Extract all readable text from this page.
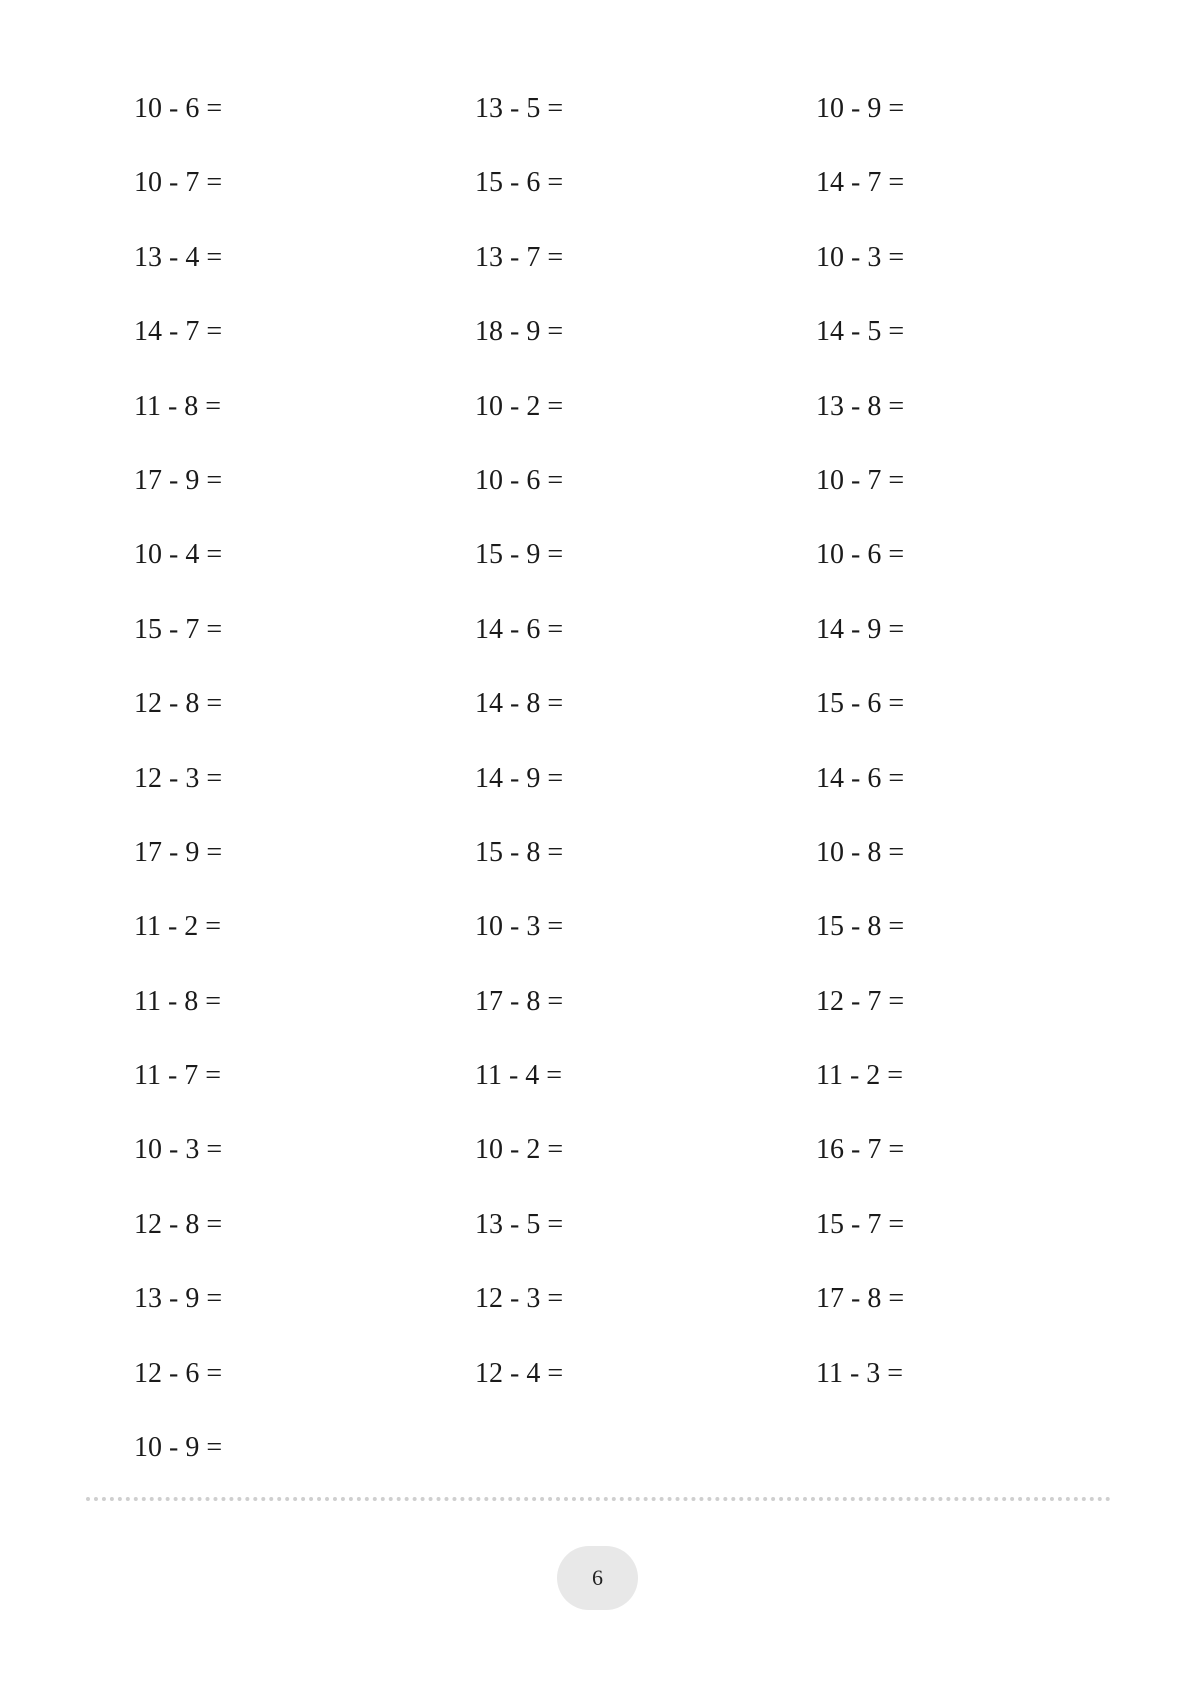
10 - 6 =
10 - 7 =
13 - 4 =
14 - 7 =
11 - 8 =
17 - 9 =
10 - 4 =
15 - 7 =
12 - 8 =
12 - 3 =
17 - 9 =
11 - 2 =
11 - 8 =
11 - 7 =
10 - 3 =
12 - 8 =
13 - 9 =
12 - 6 =
10 - 9 =
13 - 5 =
15 - 6 =
13 - 7 =
18 - 9 =
10 - 2 =
10 - 6 =
15 - 9 =
14 - 6 =
14 - 8 =
14 - 9 =
15 - 8 =
10 - 3 =
17 - 8 =
11 - 4 =
10 - 2 =
13 - 5 =
12 - 3 =
12 - 4 =
10 - 9 =
14 - 7 =
10 - 3 =
14 - 5 =
13 - 8 =
10 - 7 =
10 - 6 =
14 - 9 =
15 - 6 =
14 - 6 =
10 - 8 =
15 - 8 =
12 - 7 =
11 - 2 =
16 - 7 =
15 - 7 =
17 - 8 =
11 - 3 =
6
